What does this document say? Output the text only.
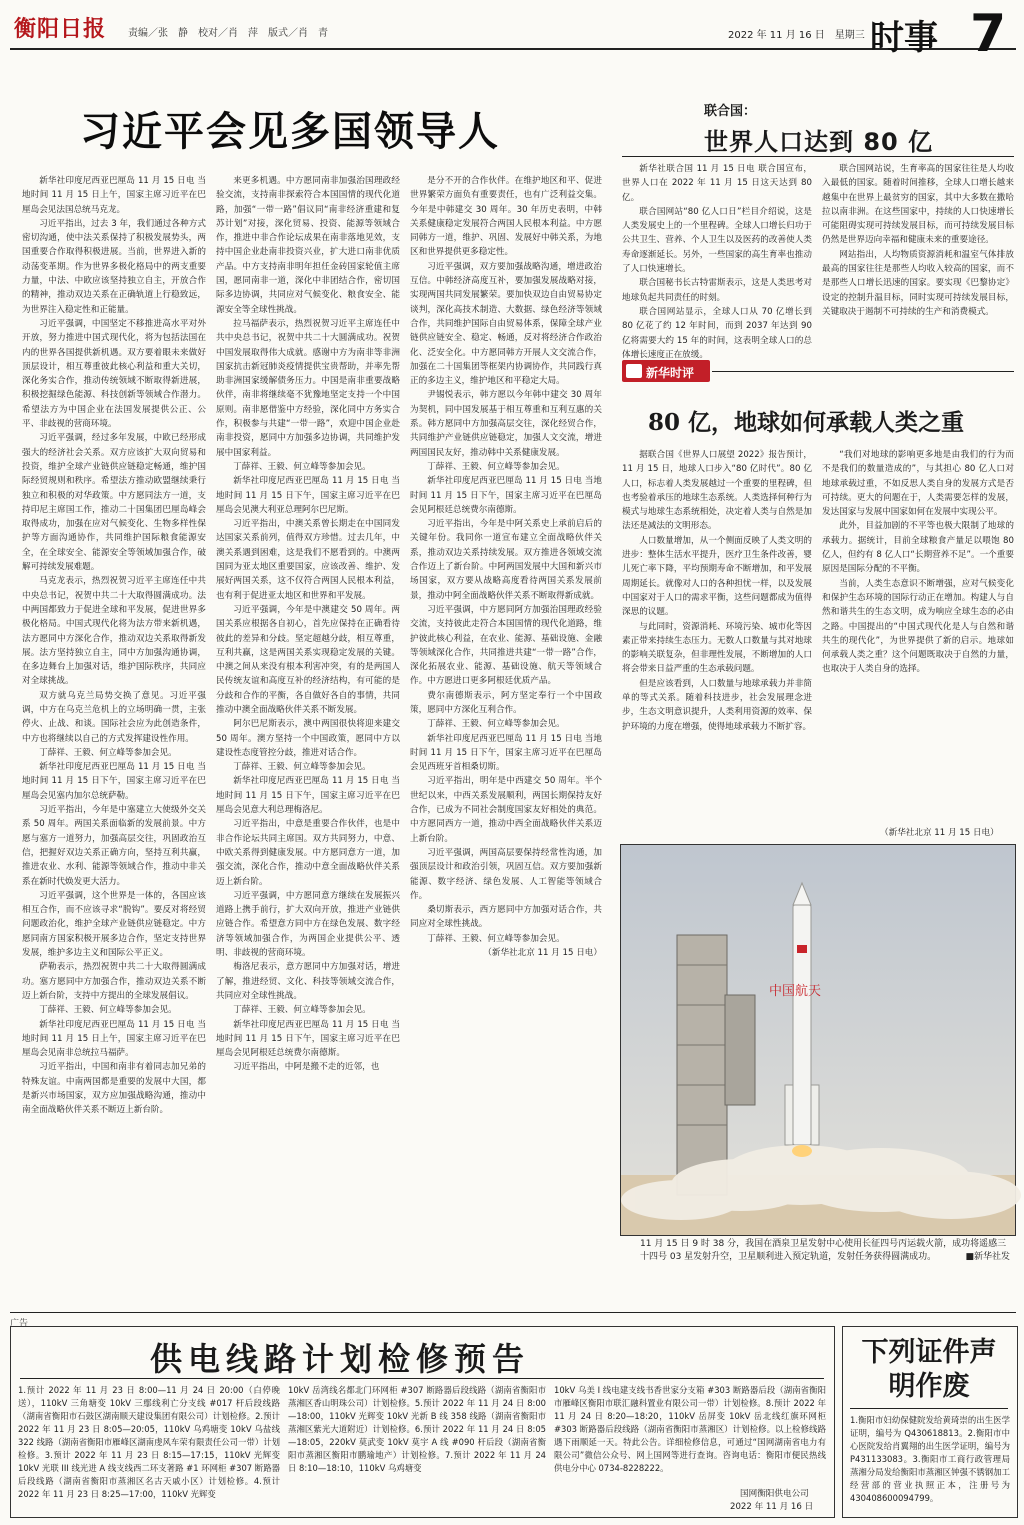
衡阳日报 责编／张　静　校对／肖　萍　版式／肖　青	2022 年 11 月 16 日　星期三 时事 7
习近平会见多国领导人

新华社印度尼西亚巴厘岛 11 月 15 日电 当地时间 11 月 15 日上午，国家主席习近平在巴厘岛会见法国总统马克龙。

习近平指出，过去 3 年，我们通过各种方式密切沟通，使中法关系保持了积极发展势头，两国重要合作取得积极进展。当前，世界进入新的动荡变革期。作为世界多极化格局中的两支重要力量，中法、中欧应该坚持独立自主，开放合作的精神，推动双边关系在正确轨道上行稳致远，为世界注入稳定性和正能量。

习近平强调，中国坚定不移推进高水平对外开放，努力推进中国式现代化，将为包括法国在内的世界各国提供新机遇。双方要着眼未来做好顶层设计，相互尊重彼此核心利益和重大关切，深化务实合作，推动传统领域不断取得新进展，积极挖掘绿色能源、科技创新等领域合作潜力。希望法方为中国企业在法国发展提供公正、公平、非歧视的营商环境。

习近平强调，经过多年发展，中欧已经形成强大的经济社会关系。双方应该扩大双向贸易和投资，维护全球产业链供应链稳定畅通，维护国际经贸规则和秩序。希望法方推动欧盟继续秉行独立和积极的对华政策。中方愿同法方一道，支持印尼主席国工作，推动二十国集团巴厘岛峰会取得成功，加强在应对气候变化、生物多样性保护等方面沟通协作，共同维护国际粮食能源安全，在全球安全、能源安全等领域加强合作，破解可持续发展难题。

马克龙表示，热烈祝贺习近平主席连任中共中央总书记，祝贺中共二十大取得圆满成功。法中两国都致力于促进全球和平发展，促进世界多极化格局。中国式现代化将为法方带来新机遇，法方愿同中方深化合作，推动双边关系取得新发展。法方坚持独立自主，同中方加强沟通协调，在多边舞台上加强对话，维护国际秩序，共同应对全球挑战。

双方就乌克兰局势交换了意见。习近平强调，中方在乌克兰危机上的立场明确一贯，主张停火、止战、和谈。国际社会应为此创造条件，中方也将继续以自己的方式发挥建设性作用。

丁薛祥、王毅、何立峰等参加会见。

新华社印度尼西亚巴厘岛 11 月 15 日电 当地时间 11 月 15 日下午，国家主席习近平在巴厘岛会见塞内加尔总统萨勒。

习近平指出，今年是中塞建立大使级外交关系 50 周年。两国关系面临新的发展前景。中方愿与塞方一道努力，加强高层交往，巩固政治互信，把握好双边关系正确方向，坚持互利共赢，推进农业、水利、能源等领域合作，推动中非关系在新时代焕发更大活力。

习近平强调，这个世界是一体的，各国应该相互合作，而不应该寻求“脱钩”。要反对将经贸问题政治化，维护全球产业链供应链稳定。中方愿同南方国家积极开展多边合作，坚定支持世界发展，维护多边主义和国际公平正义。

萨勒表示，热烈祝贺中共二十大取得圆满成功。塞方愿同中方加强合作，推动双边关系不断迈上新台阶，支持中方提出的全球发展倡议。

丁薛祥、王毅、何立峰等参加会见。

新华社印度尼西亚巴厘岛 11 月 15 日电 当地时间 11 月 15 日上午，国家主席习近平在巴厘岛会见南非总统拉马福萨。

习近平指出，中国和南非有着同志加兄弟的特殊友谊。中南两国都是重要的发展中大国，都是新兴市场国家，双方应加强战略沟通，推动中南全面战略伙伴关系不断迈上新台阶。

来更多机遇。中方愿同南非加强治国理政经验交流，支持南非探索符合本国国情的现代化道路，加强“一带一路”倡议同“南非经济重建和复苏计划”对接，深化贸易、投资、能源等领域合作，推进中非合作论坛成果在南非落地见效，支持中国企业赴南非投资兴业，扩大进口南非优质产品。中方支持南非明年担任金砖国家轮值主席国，愿同南非一道，深化中非团结合作，密切国际多边协调，共同应对气候变化、粮食安全、能源安全等全球性挑战。

拉马福萨表示，热烈祝贺习近平主席连任中共中央总书记，祝贺中共二十大圆满成功。祝贺中国发展取得伟大成就。感谢中方为南非等非洲国家抗击新冠肺炎疫情提供宝贵帮助，并率先帮助非洲国家缓解债务压力。中国是南非重要战略伙伴，南非将继续毫不犹豫地坚定支持一个中国原则。南非愿借鉴中方经验，深化同中方务实合作，积极参与共建“一带一路”，欢迎中国企业赴南非投资，愿同中方加强多边协调，共同维护发展中国家利益。

丁薛祥、王毅、何立峰等参加会见。

新华社印度尼西亚巴厘岛 11 月 15 日电 当地时间 11 月 15 日下午，国家主席习近平在巴厘岛会见澳大利亚总理阿尔巴尼斯。

习近平指出，中澳关系曾长期走在中国同发达国家关系前列，值得双方珍惜。过去几年，中澳关系遇到困难，这是我们不愿看到的。中澳两国同为亚太地区重要国家，应该改善、维护、发展好两国关系，这不仅符合两国人民根本利益，也有利于促进亚太地区和世界和平发展。

习近平强调，今年是中澳建交 50 周年。两国关系应根据各自初心，首先应保持在正确看待彼此的差异和分歧。坚定超越分歧，相互尊重，互利共赢，这是两国关系实现稳定发展的关键。中澳之间从来没有根本利害冲突，有的是两国人民传统友谊和高度互补的经济结构，有可能的是分歧和合作的平衡，各自做好各自的事情，共同推动中澳全面战略伙伴关系不断发展。

阿尔巴尼斯表示，澳中两国很快将迎来建交 50 周年。澳方坚持一个中国政策，愿同中方以建设性态度管控分歧，推进对话合作。

丁薛祥、王毅、何立峰等参加会见。

新华社印度尼西亚巴厘岛 11 月 15 日电 当地时间 11 月 15 日下午，国家主席习近平在巴厘岛会见意大利总理梅洛尼。

习近平指出，中意是重要合作伙伴，也是中非合作论坛共同主席国。双方共同努力，中意、中欧关系得到健康发展。中方愿同意方一道，加强交流，深化合作，推动中意全面战略伙伴关系迈上新台阶。

习近平强调，中方愿同意方继续在发展振兴道路上携手前行，扩大双向开放，推进产业链供应链合作。希望意方同中方在绿色发展、数字经济等领域加强合作，为两国企业提供公平、透明、非歧视的营商环境。

梅洛尼表示，意方愿同中方加强对话，增进了解，推进经贸、文化、科技等领域交流合作，共同应对全球性挑战。

丁薛祥、王毅、何立峰等参加会见。

新华社印度尼西亚巴厘岛 11 月 15 日电 当地时间 11 月 15 日下午，国家主席习近平在巴厘岛会见阿根廷总统费尔南德斯。

习近平指出，中阿是搬不走的近邻，也

是分不开的合作伙伴。在维护地区和平、促进世界繁荣方面负有重要责任，也有广泛利益交集。今年是中韩建交 30 周年。30 年历史表明，中韩关系健康稳定发展符合两国人民根本利益。中方愿同韩方一道，维护、巩固、发展好中韩关系，为地区和世界提供更多稳定性。

习近平强调，双方要加强战略沟通，增进政治互信。中韩经济高度互补，要加强发展战略对接，实现两国共同发展繁荣。要加快双边自由贸易协定谈判，深化高技术制造、大数据、绿色经济等领域合作，共同维护国际自由贸易体系，保障全球产业链供应链安全、稳定、畅通，反对将经济合作政治化、泛安全化。中方愿同韩方开展人文交流合作，加强在二十国集团等框架内协调协作，共同践行真正的多边主义，维护地区和平稳定大局。

尹锡悦表示，韩方愿以今年韩中建交 30 周年为契机，同中国发展基于相互尊重和互利互惠的关系。韩方愿同中方加强高层交往，深化经贸合作，共同维护产业链供应链稳定，加强人文交流，增进两国国民友好，推动韩中关系健康发展。

丁薛祥、王毅、何立峰等参加会见。

新华社印度尼西亚巴厘岛 11 月 15 日电 当地时间 11 月 15 日下午，国家主席习近平在巴厘岛会见阿根廷总统费尔南德斯。

习近平指出，今年是中阿关系史上承前启后的关键年份。我同你一道宣布建立全面战略伙伴关系，推动双边关系持续发展。双方推进各领域交流合作迈上了新台阶。中阿两国发展中大国和新兴市场国家，双方要从战略高度看待两国关系发展前景，推动中阿全面战略伙伴关系不断取得新成就。

习近平强调，中方愿同阿方加强治国理政经验交流，支持彼此走符合本国国情的现代化道路，维护彼此核心利益，在农业、能源、基础设施、金融等领域深化合作，共同推进共建“一带一路”合作，深化拓展农业、能源、基础设施、航天等领域合作。中方愿进口更多阿根廷优质产品。

费尔南德斯表示，阿方坚定奉行一个中国政策，愿同中方深化互利合作。

丁薛祥、王毅、何立峰等参加会见。

新华社印度尼西亚巴厘岛 11 月 15 日电 当地时间 11 月 15 日下午，国家主席习近平在巴厘岛会见西班牙首相桑切斯。

习近平指出，明年是中西建交 50 周年。半个世纪以来，中西关系发展顺利，两国长期保持友好合作，已成为不同社会制度国家友好相处的典范。中方愿同西方一道，推动中西全面战略伙伴关系迈上新台阶。

习近平强调，两国高层要保持经常性沟通，加强顶层设计和政治引领，巩固互信。双方要加强新能源、数字经济、绿色发展、人工智能等领域合作。

桑切斯表示，西方愿同中方加强对话合作，共同应对全球性挑战。

丁薛祥、王毅、何立峰等参加会见。

（新华社北京 11 月 15 日电）

联合国：
世界人口达到 80 亿

新华社联合国 11 月 15 日电 联合国宣布，世界人口在 2022 年 11 月 15 日这天达到 80 亿。

联合国网站“80 亿人口日”栏目介绍说，这是人类发展史上的一个里程碑。全球人口增长归功于公共卫生、营养、个人卫生以及医药的改善使人类寿命逐渐延长。另外，一些国家的高生育率也推动了人口快速增长。

联合国秘书长古特雷斯表示，这是人类思考对地球负起共同责任的时刻。

联合国网站显示，全球人口从 70 亿增长到 80 亿花了约 12 年时间，而到 2037 年达到 90 亿将需要大约 15 年的时间，这表明全球人口的总体增长速度正在放缓。

联合国网站说，生育率高的国家往往是人均收入最低的国家。随着时间推移，全球人口增长越来越集中在世界上最贫穷的国家，其中大多数在撒哈拉以南非洲。在这些国家中，持续的人口快速增长可能阻碍实现可持续发展目标，而可持续发展目标仍然是世界迈向幸福和健康未来的重要途径。

网站指出，人均物质资源消耗和温室气体排放最高的国家往往是那些人均收入较高的国家，而不是那些人口增长迅速的国家。要实现《巴黎协定》设定的控制升温目标，同时实现可持续发展目标，关键取决于遏制不可持续的生产和消费模式。

新华时评
80 亿，地球如何承载人类之重

据联合国《世界人口展望 2022》报告预计，11 月 15 日，地球人口步入“80 亿时代”。80 亿人口，标志着人类发展越过一个重要的里程碑，但也考验着承压的地球生态系统。人类选择何种行为模式与地球生态系统相处，决定着人类与自然是加法还是减法的文明形态。

人口数量增加，从一个侧面反映了人类文明的进步：整体生活水平提升，医疗卫生条件改善，婴儿死亡率下降，平均预期寿命不断增加，和平发展周期延长。就像对人口的各种担忧一样，以及发展中国家对于人口的需求平衡，这些问题都成为值得深思的议题。

与此同时，资源消耗、环境污染、城市化等因素正带来持续生态压力。无数人口数量与其对地球的影响关联复杂，但非理性发展，不断增加的人口将会带来日益严重的生态承载问题。

但是应该看到，人口数量与地球承载力并非简单的等式关系。随着科技进步，社会发展理念进步，生态文明意识提升，人类利用资源的效率、保护环境的力度在增强，使得地球承载力不断扩容。

“我们对地球的影响更多地是由我们的行为而不是我们的数量造成的”，与其担心 80 亿人口对地球承载过重，不如反思人类自身的发展方式是否可持续。更大的问题在于，人类需要怎样的发展，发达国家与发展中国家如何在发展中实现公平。

此外，目益加剧的不平等也极大限制了地球的承载力。据统计，目前全球粮食产量足以喂饱 80 亿人，但约有 8 亿人口“长期营养不足”。一个重要原因是国际分配的不平衡。

当前，人类生态意识不断增强，应对气候变化和保护生态环境的国际行动正在增加。构建人与自然和谐共生的生态文明，成为响应全球生态的必由之路。中国提出的“中国式现代化是人与自然和谐共生的现代化”，为世界提供了新的启示。地球如何承载人类之重？这个问题既取决于自然的力量，也取决于人类自身的选择。

（新华社北京 11 月 15 日电）
中国航天
11 月 15 日 9 时 38 分，我国在酒泉卫星发射中心使用长征四号丙运载火箭，成功将遥感三十四号 03 星发射升空，卫星顺利进入预定轨道，发射任务获得圆满成功。	■新华社发
广告
供电线路计划检修预告
1.预计 2022 年 11 月 23 日 8:00—11 月 24 日 20:00（白停晚送），110kV 三角塘变 10kV 三鄢线利亡分支线 #017 杆后段线路（湖南省衡阳市石鼓区湖南顺天建设集团有限公司）计划检修。2.预计 2022 年 11 月 23 日 8:05—20:05，110kV 乌鸡塘变 10kV 乌盐线 322 线路（湖南省衡阳市雁峰区湖南虔风车荣有限责任公司一带）计划检修。3.预计 2022 年 11 月 23 日 8:15—17:15，110kV 光辉变 10kV 光联 III 线光进 A 线支线西二环支著路 #1 环网柜 #307 断路器后段线路（湖南省衡阳市蒸湘区名古天戚小区）计划检修。4.预计 2022 年 11 月 23 日 8:25—17:00，110kV 光辉变
10kV 岳湾线名都北门环网柜 #307 断路器后段线路（湖南省衡阳市蒸湘区香山明珠公司）计划检修。5.预计 2022 年 11 月 24 日 8:00—18:00，110kV 光辉变 10kV 光新 B 线 358 线路（湖南省衡阳市蒸湘区紫光大道附近）计划检修。6.预计 2022 年 11 月 24 日 8:05—18:05，220kV 莫武变 10kV 莫宇 A 线 #090 杆后段（湖南省衡阳市蒸湘区衡阳市鹏瑜地产）计划检修。7.预计 2022 年 11 月 24 日 8:10—18:10，110kV 乌鸡塘变
10kV 乌美 I 线电建支线书香世家分支箱 #303 断路器后段（湖南省衡阳市雁峰区衡阳市联汇融科置业有限公司一带）计划检修。8.预计 2022 年 11 月 24 日 8:20—18:20，110kV 岳屏变 10kV 岳北线红旗环网柜 #303 断路器后段线路（湖南省衡阳市蒸湘区）计划检修。以上检修线路遇下雨顺延一天。特此公告。详细检修信息，可通过“国网湖南省电力有限公司”微信公众号、网上国网等进行查询。咨询电话：衡阳市便民热线供电分中心 0734-8228222。
国网衡阳供电公司
2022 年 11 月 16 日
下列证件声明作废
1.衡阳市妇幼保健院发给黄琦崇的出生医学证明，编号为 Q430618813。2.衡阳市中心医院发给肖翼翔的出生医学证明，编号为 P431133083。3.衡阳市工商行政管理局蒸湘分局发给衡阳市蒸湘区钟强不锈钢加工经营部的营业执照正本，注册号为 430408600094799。
